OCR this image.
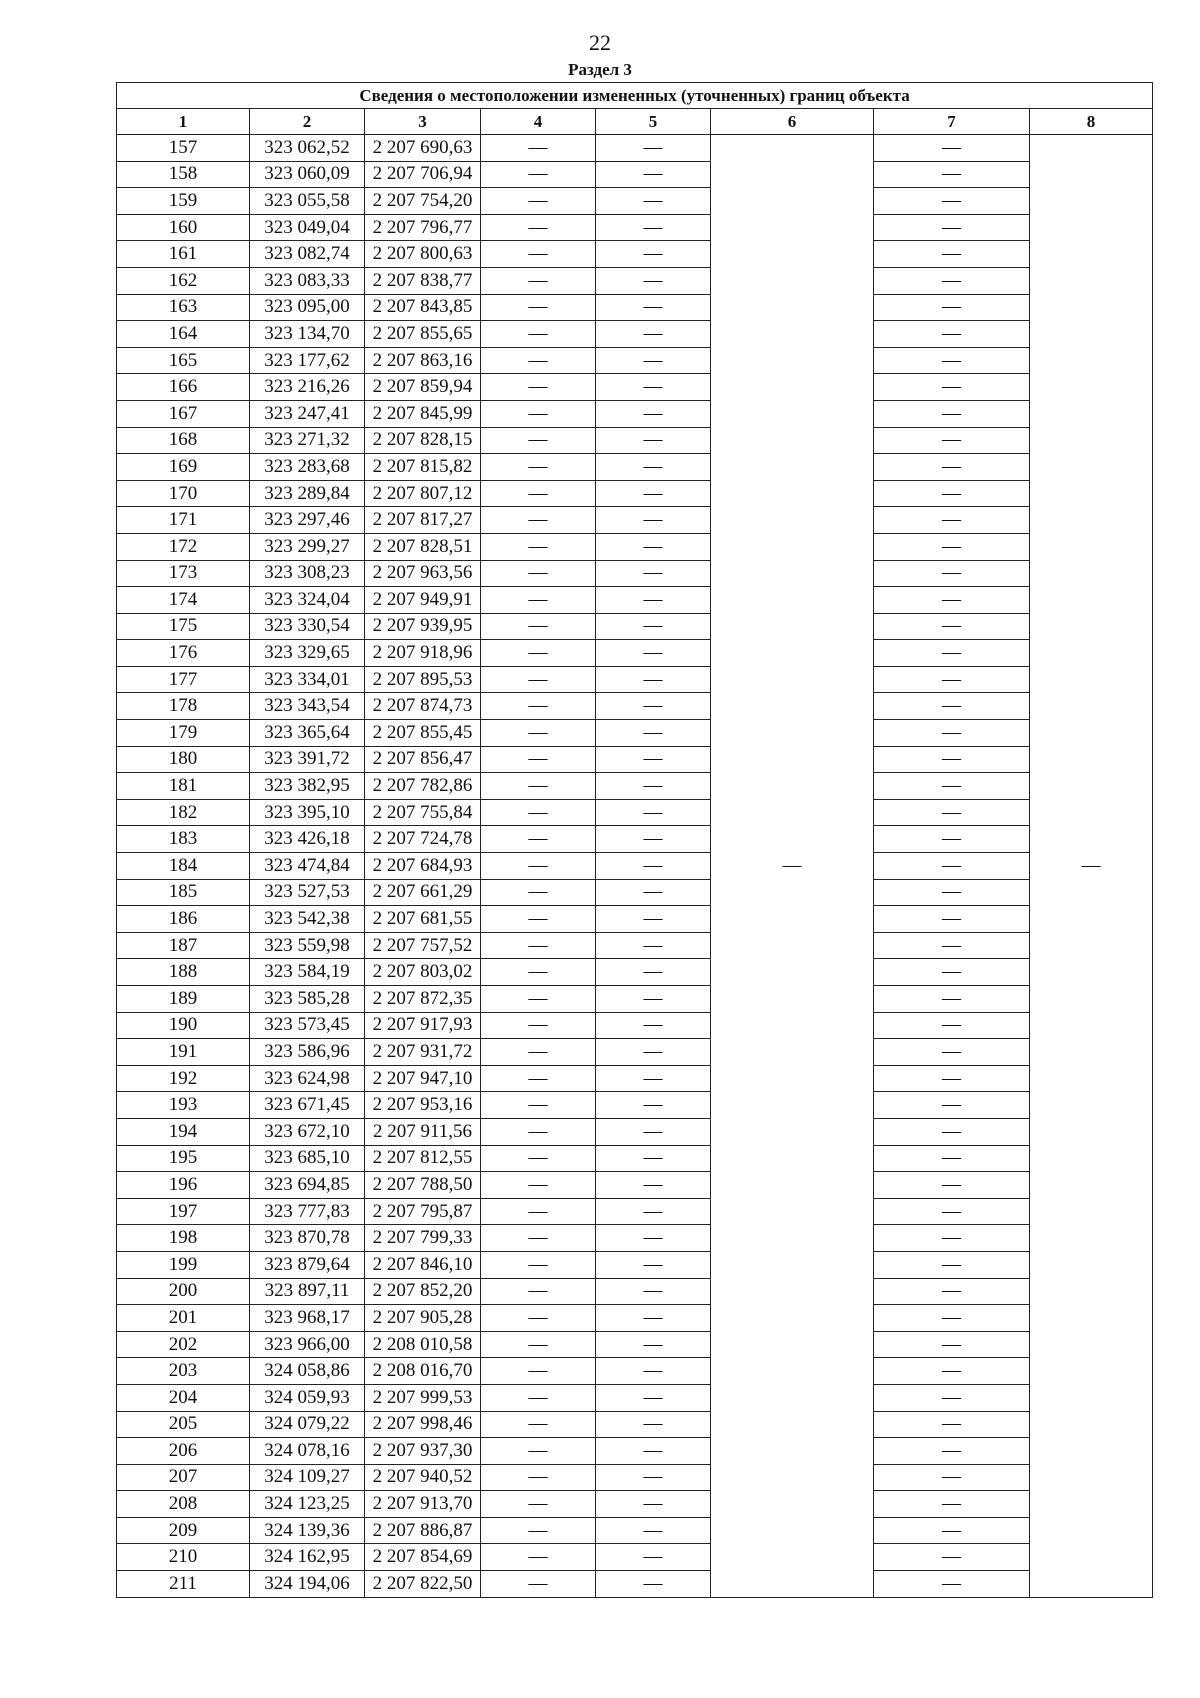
22
Раздел 3
Сведения о местоположении измененных (уточненных) границ объекта							
1	2	3	4	5	6	7	8
157	323 062,52	2 207 690,63	—	—	—	—	—
158	323 060,09	2 207 706,94	—	—		—	
159	323 055,58	2 207 754,20	—	—		—	
160	323 049,04	2 207 796,77	—	—		—	
161	323 082,74	2 207 800,63	—	—		—	
162	323 083,33	2 207 838,77	—	—		—	
163	323 095,00	2 207 843,85	—	—		—	
164	323 134,70	2 207 855,65	—	—		—	
165	323 177,62	2 207 863,16	—	—		—	
166	323 216,26	2 207 859,94	—	—		—	
167	323 247,41	2 207 845,99	—	—		—	
168	323 271,32	2 207 828,15	—	—		—	
169	323 283,68	2 207 815,82	—	—		—	
170	323 289,84	2 207 807,12	—	—		—	
171	323 297,46	2 207 817,27	—	—		—	
172	323 299,27	2 207 828,51	—	—		—	
173	323 308,23	2 207 963,56	—	—		—	
174	323 324,04	2 207 949,91	—	—		—	
175	323 330,54	2 207 939,95	—	—		—	
176	323 329,65	2 207 918,96	—	—		—	
177	323 334,01	2 207 895,53	—	—		—	
178	323 343,54	2 207 874,73	—	—		—	
179	323 365,64	2 207 855,45	—	—		—	
180	323 391,72	2 207 856,47	—	—		—	
181	323 382,95	2 207 782,86	—	—		—	
182	323 395,10	2 207 755,84	—	—		—	
183	323 426,18	2 207 724,78	—	—		—	
184	323 474,84	2 207 684,93	—	—		—	
185	323 527,53	2 207 661,29	—	—		—	
186	323 542,38	2 207 681,55	—	—		—	
187	323 559,98	2 207 757,52	—	—		—	
188	323 584,19	2 207 803,02	—	—		—	
189	323 585,28	2 207 872,35	—	—		—	
190	323 573,45	2 207 917,93	—	—		—	
191	323 586,96	2 207 931,72	—	—		—	
192	323 624,98	2 207 947,10	—	—		—	
193	323 671,45	2 207 953,16	—	—		—	
194	323 672,10	2 207 911,56	—	—		—	
195	323 685,10	2 207 812,55	—	—		—	
196	323 694,85	2 207 788,50	—	—		—	
197	323 777,83	2 207 795,87	—	—		—	
198	323 870,78	2 207 799,33	—	—		—	
199	323 879,64	2 207 846,10	—	—		—	
200	323 897,11	2 207 852,20	—	—		—	
201	323 968,17	2 207 905,28	—	—		—	
202	323 966,00	2 208 010,58	—	—		—	
203	324 058,86	2 208 016,70	—	—		—	
204	324 059,93	2 207 999,53	—	—		—	
205	324 079,22	2 207 998,46	—	—		—	
206	324 078,16	2 207 937,30	—	—		—	
207	324 109,27	2 207 940,52	—	—		—	
208	324 123,25	2 207 913,70	—	—		—	
209	324 139,36	2 207 886,87	—	—		—	
210	324 162,95	2 207 854,69	—	—		—	
211	324 194,06	2 207 822,50	—	—		—	
